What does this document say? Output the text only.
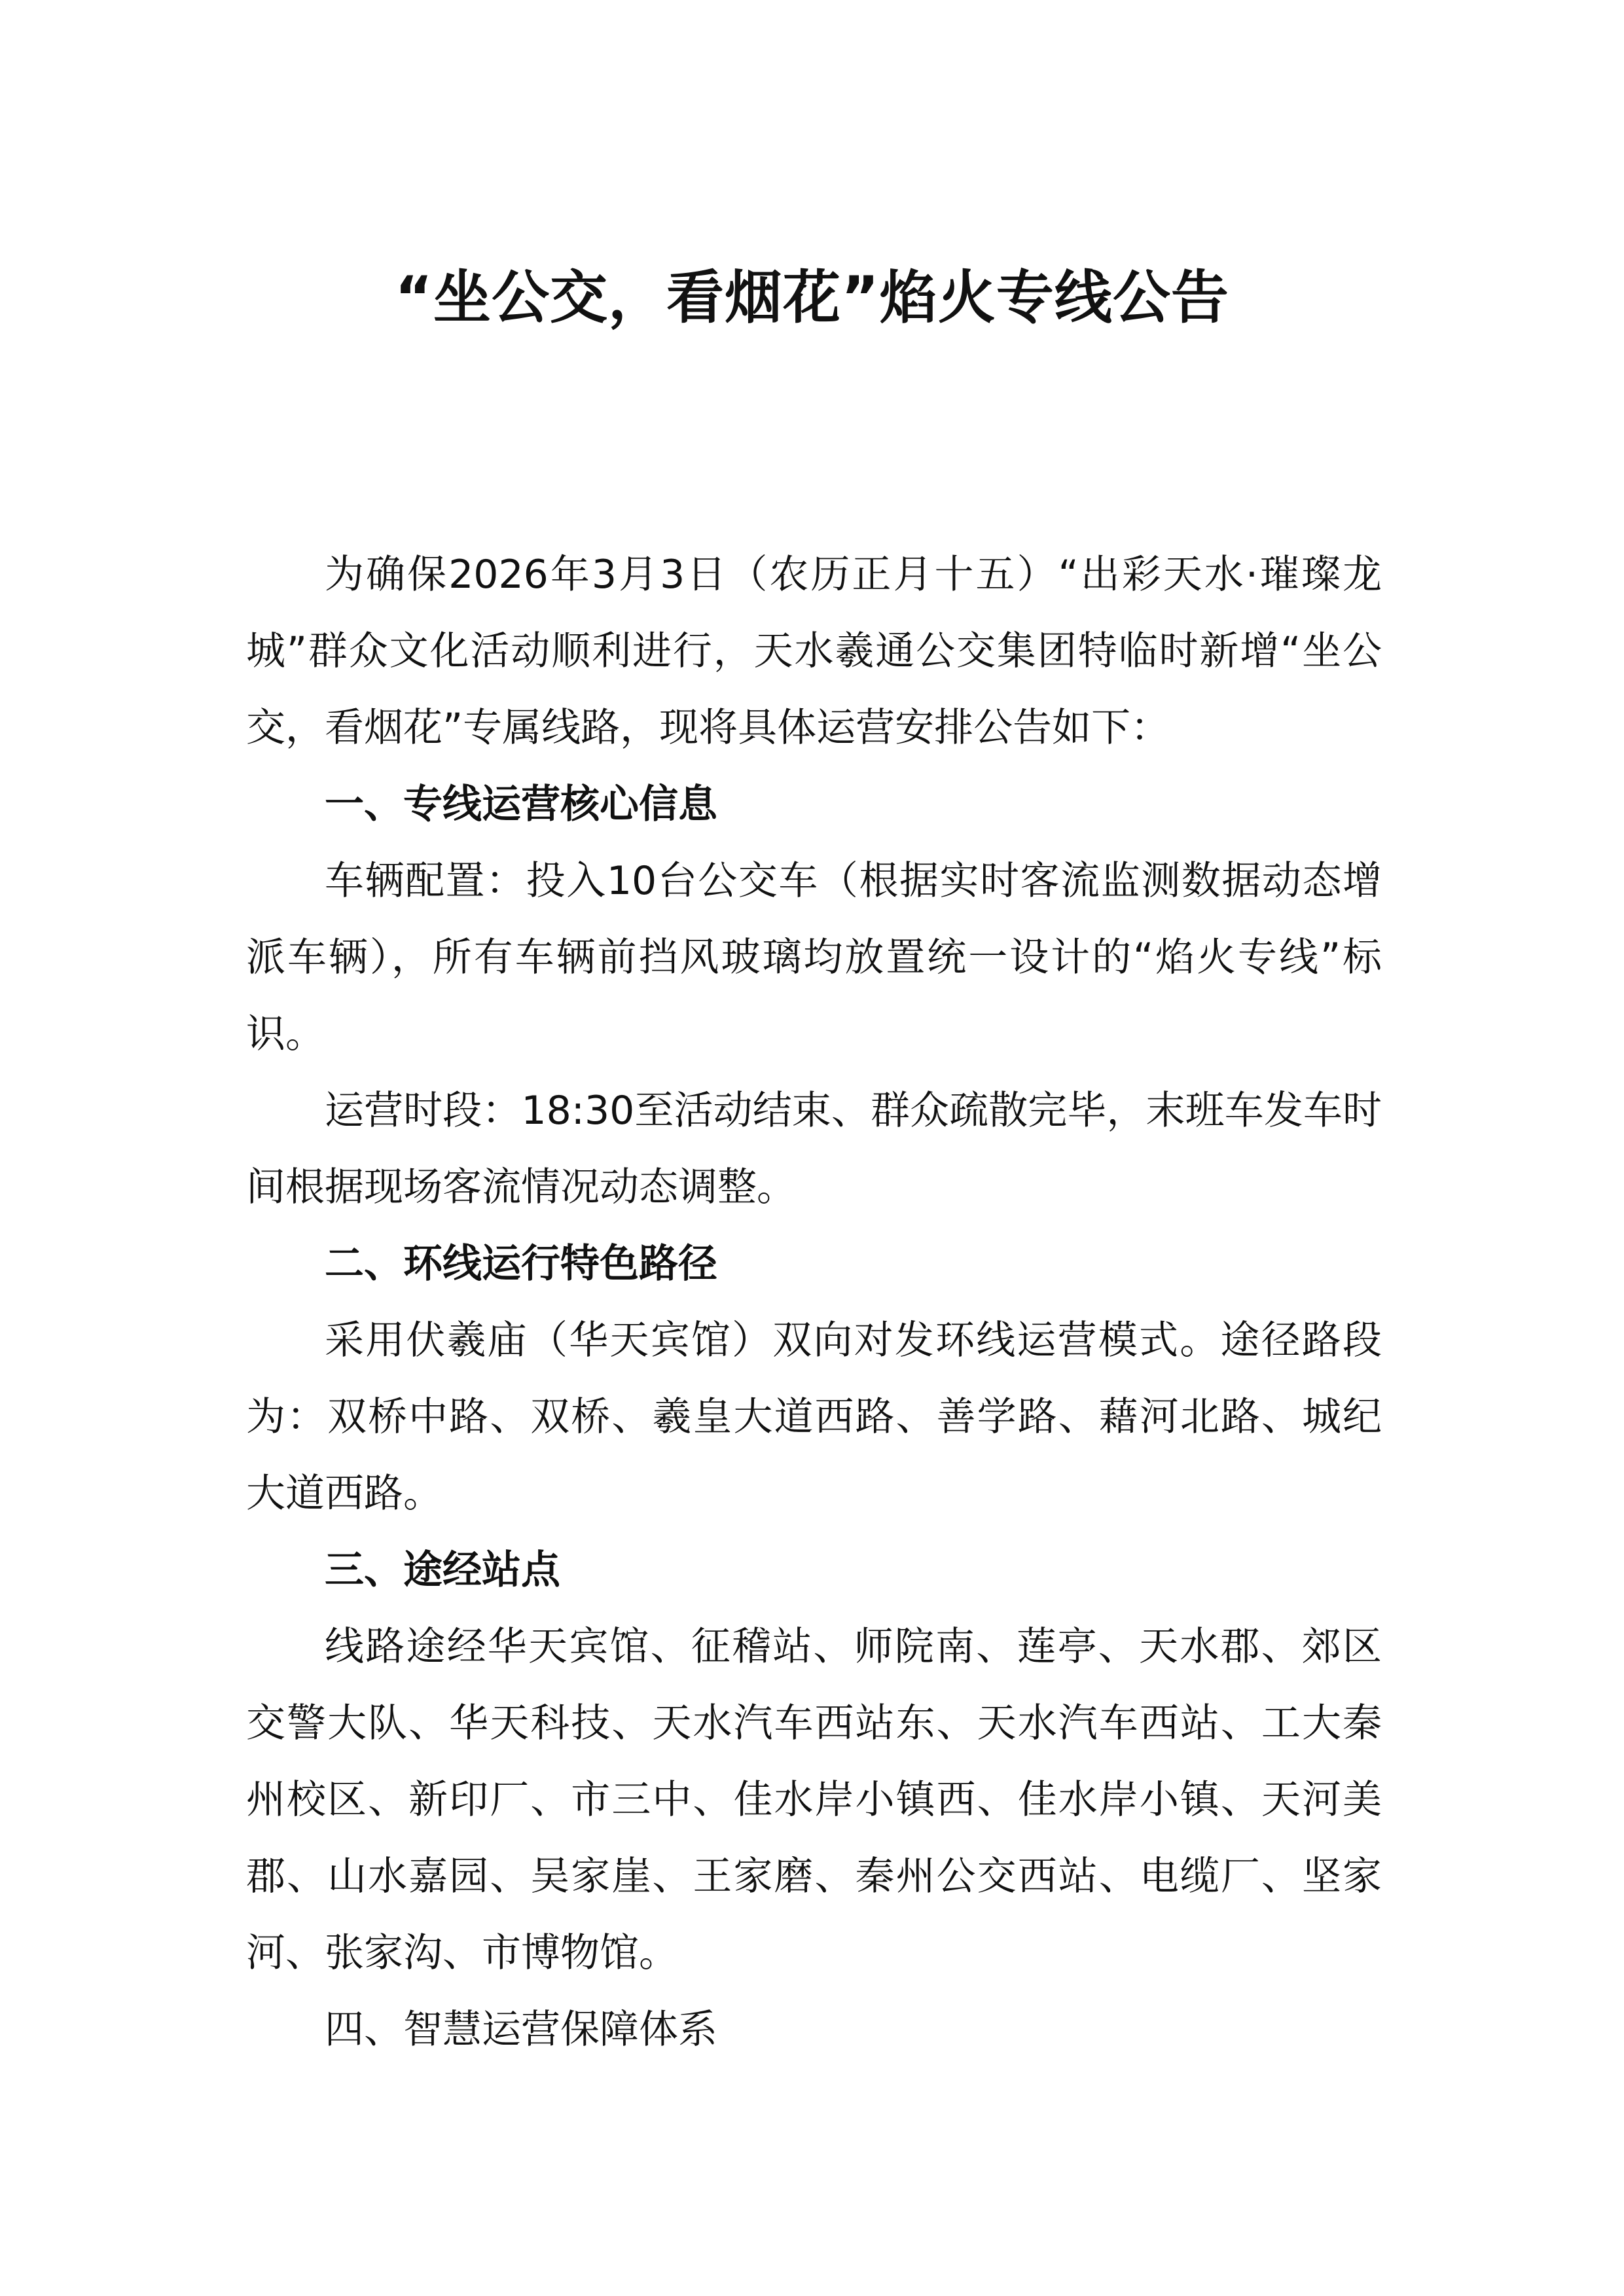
“坐公交，看烟花”焰火专线公告

为确保2026年3月3日（农历正月十五）“出彩天水·璀璨龙城”群众文化活动顺利进行，天水羲通公交集团特临时新增“坐公交，看烟花”专属线路，现将具体运营安排公告如下：

一、专线运营核心信息

车辆配置：投入10台公交车（根据实时客流监测数据动态增派车辆），所有车辆前挡风玻璃均放置统一设计的“焰火专线”标识。

运营时段：18:30至活动结束、群众疏散完毕，末班车发车时间根据现场客流情况动态调整。

二、环线运行特色路径

采用伏羲庙（华天宾馆）双向对发环线运营模式。途径路段为：双桥中路、双桥、羲皇大道西路、善学路、藉河北路、城纪大道西路。

三、途经站点

线路途经华天宾馆、征稽站、师院南、莲亭、天水郡、郊区交警大队、华天科技、天水汽车西站东、天水汽车西站、工大秦州校区、新印厂、市三中、佳水岸小镇西、佳水岸小镇、天河美郡、山水嘉园、吴家崖、王家磨、秦州公交西站、电缆厂、坚家河、张家沟、市博物馆。

四、智慧运营保障体系
